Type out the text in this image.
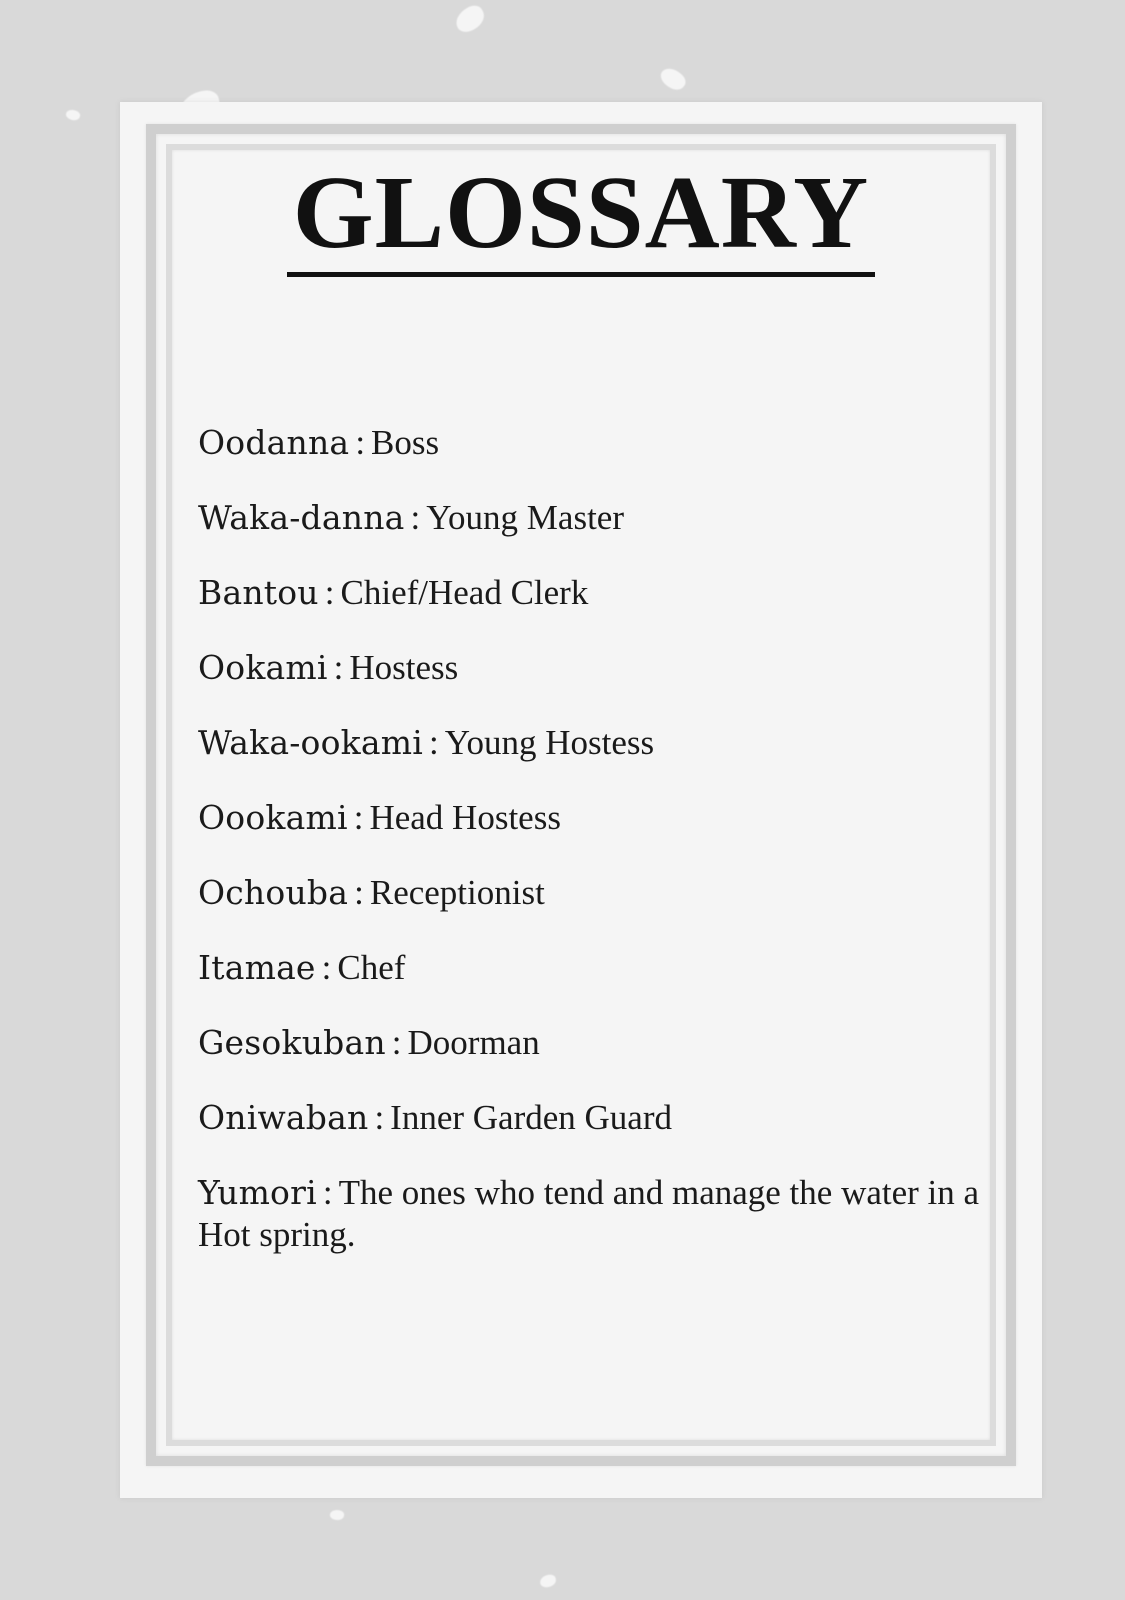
GLOSSARY
Oodanna : Boss
Waka-danna : Young Master
Bantou : Chief/Head Clerk
Ookami : Hostess
Waka-ookami : Young Hostess
Oookami : Head Hostess
Ochouba : Receptionist
Itamae : Chef
Gesokuban : Doorman
Oniwaban : Inner Garden Guard
Yumori : The ones who tend and manage the water in a Hot spring.
